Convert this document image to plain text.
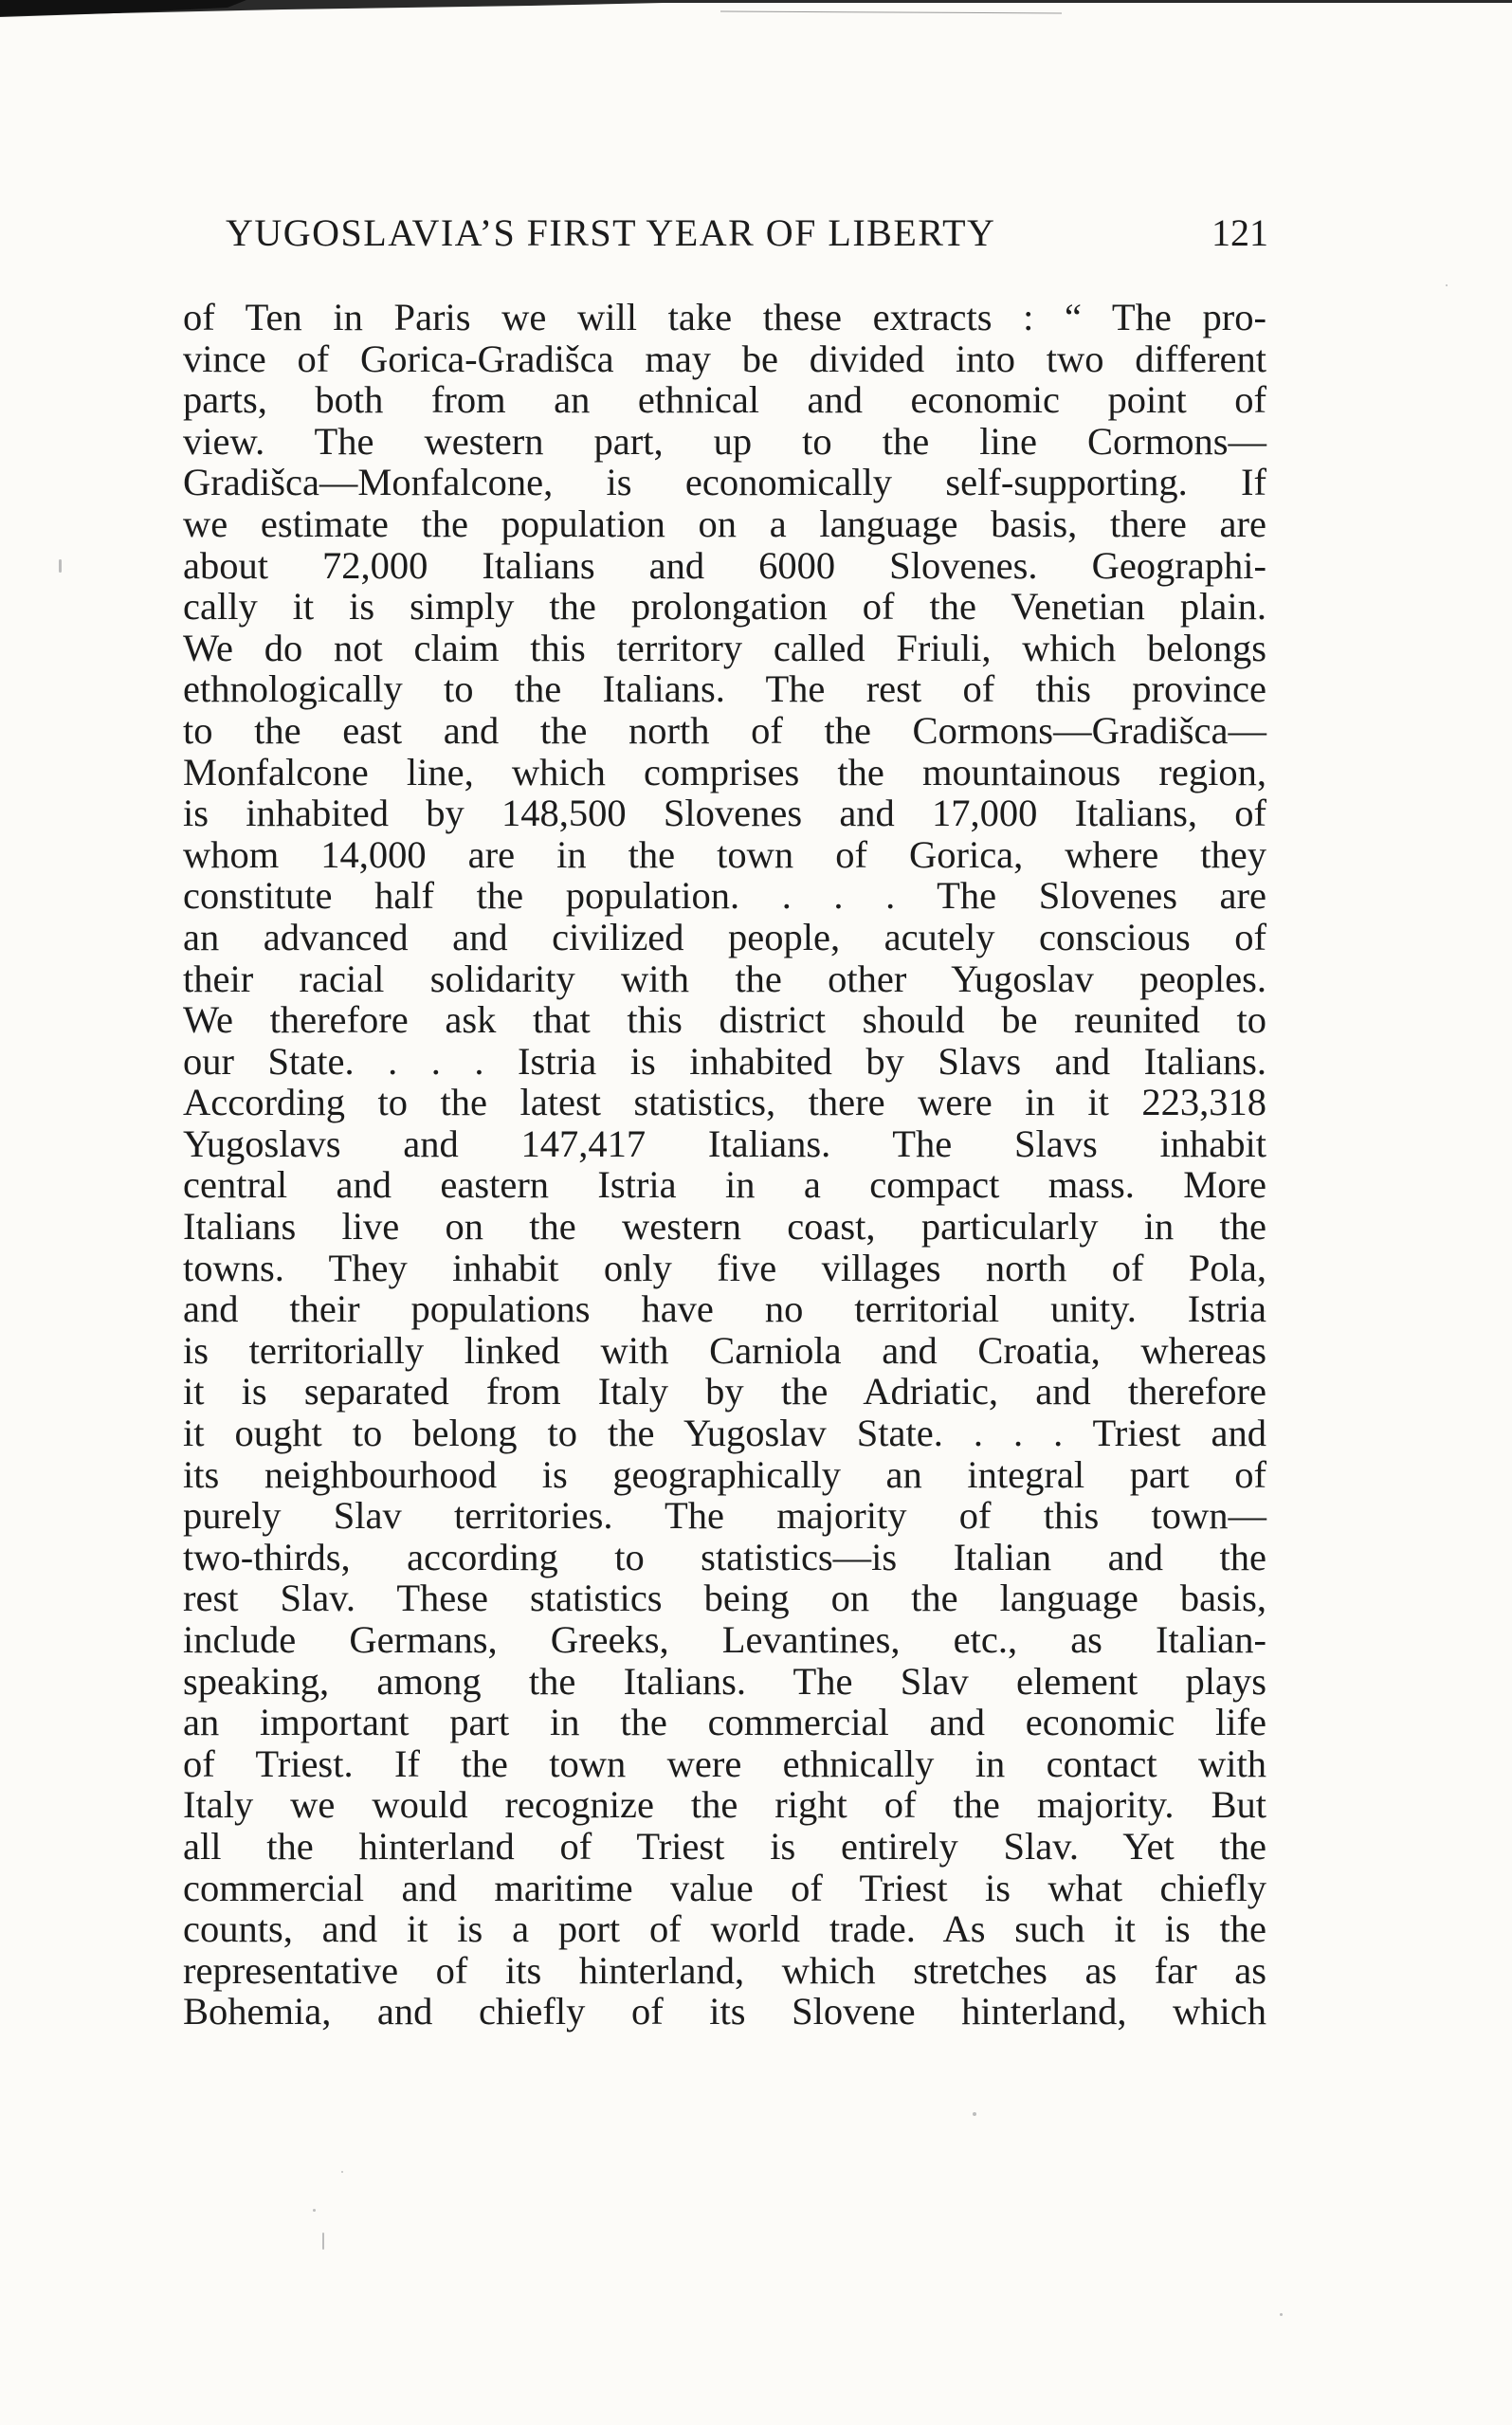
YUGOSLAVIA’S FIRST YEAR OF LIBERTY	121
of Ten in Paris we will take these extracts : “ The pro-
vince of Gorica-Gradišca may be divided into two different
parts, both from an ethnical and economic point of
view. The western part, up to the line Cormons—
Gradišca—Monfalcone, is economically self-supporting. If
we estimate the population on a language basis, there are
about 72,000 Italians and 6000 Slovenes. Geographi-
cally it is simply the prolongation of the Venetian plain.
We do not claim this territory called Friuli, which belongs
ethnologically to the Italians. The rest of this province
to the east and the north of the Cormons—Gradišca—
Monfalcone line, which comprises the mountainous region,
is inhabited by 148,500 Slovenes and 17,000 Italians, of
whom 14,000 are in the town of Gorica, where they
constitute half the population. . . . The Slovenes are
an advanced and civilized people, acutely conscious of
their racial solidarity with the other Yugoslav peoples.
We therefore ask that this district should be reunited to
our State. . . . Istria is inhabited by Slavs and Italians.
According to the latest statistics, there were in it 223,318
Yugoslavs and 147,417 Italians. The Slavs inhabit
central and eastern Istria in a compact mass. More
Italians live on the western coast, particularly in the
towns. They inhabit only five villages north of Pola,
and their populations have no territorial unity. Istria
is territorially linked with Carniola and Croatia, whereas
it is separated from Italy by the Adriatic, and therefore
it ought to belong to the Yugoslav State. . . . Triest and
its neighbourhood is geographically an integral part of
purely Slav territories. The majority of this town—
two-thirds, according to statistics—is Italian and the
rest Slav. These statistics being on the language basis,
include Germans, Greeks, Levantines, etc., as Italian-
speaking, among the Italians. The Slav element plays
an important part in the commercial and economic life
of Triest. If the town were ethnically in contact with
Italy we would recognize the right of the majority. But
all the hinterland of Triest is entirely Slav. Yet the
commercial and maritime value of Triest is what chiefly
counts, and it is a port of world trade. As such it is the
representative of its hinterland, which stretches as far as
Bohemia, and chiefly of its Slovene hinterland, which
